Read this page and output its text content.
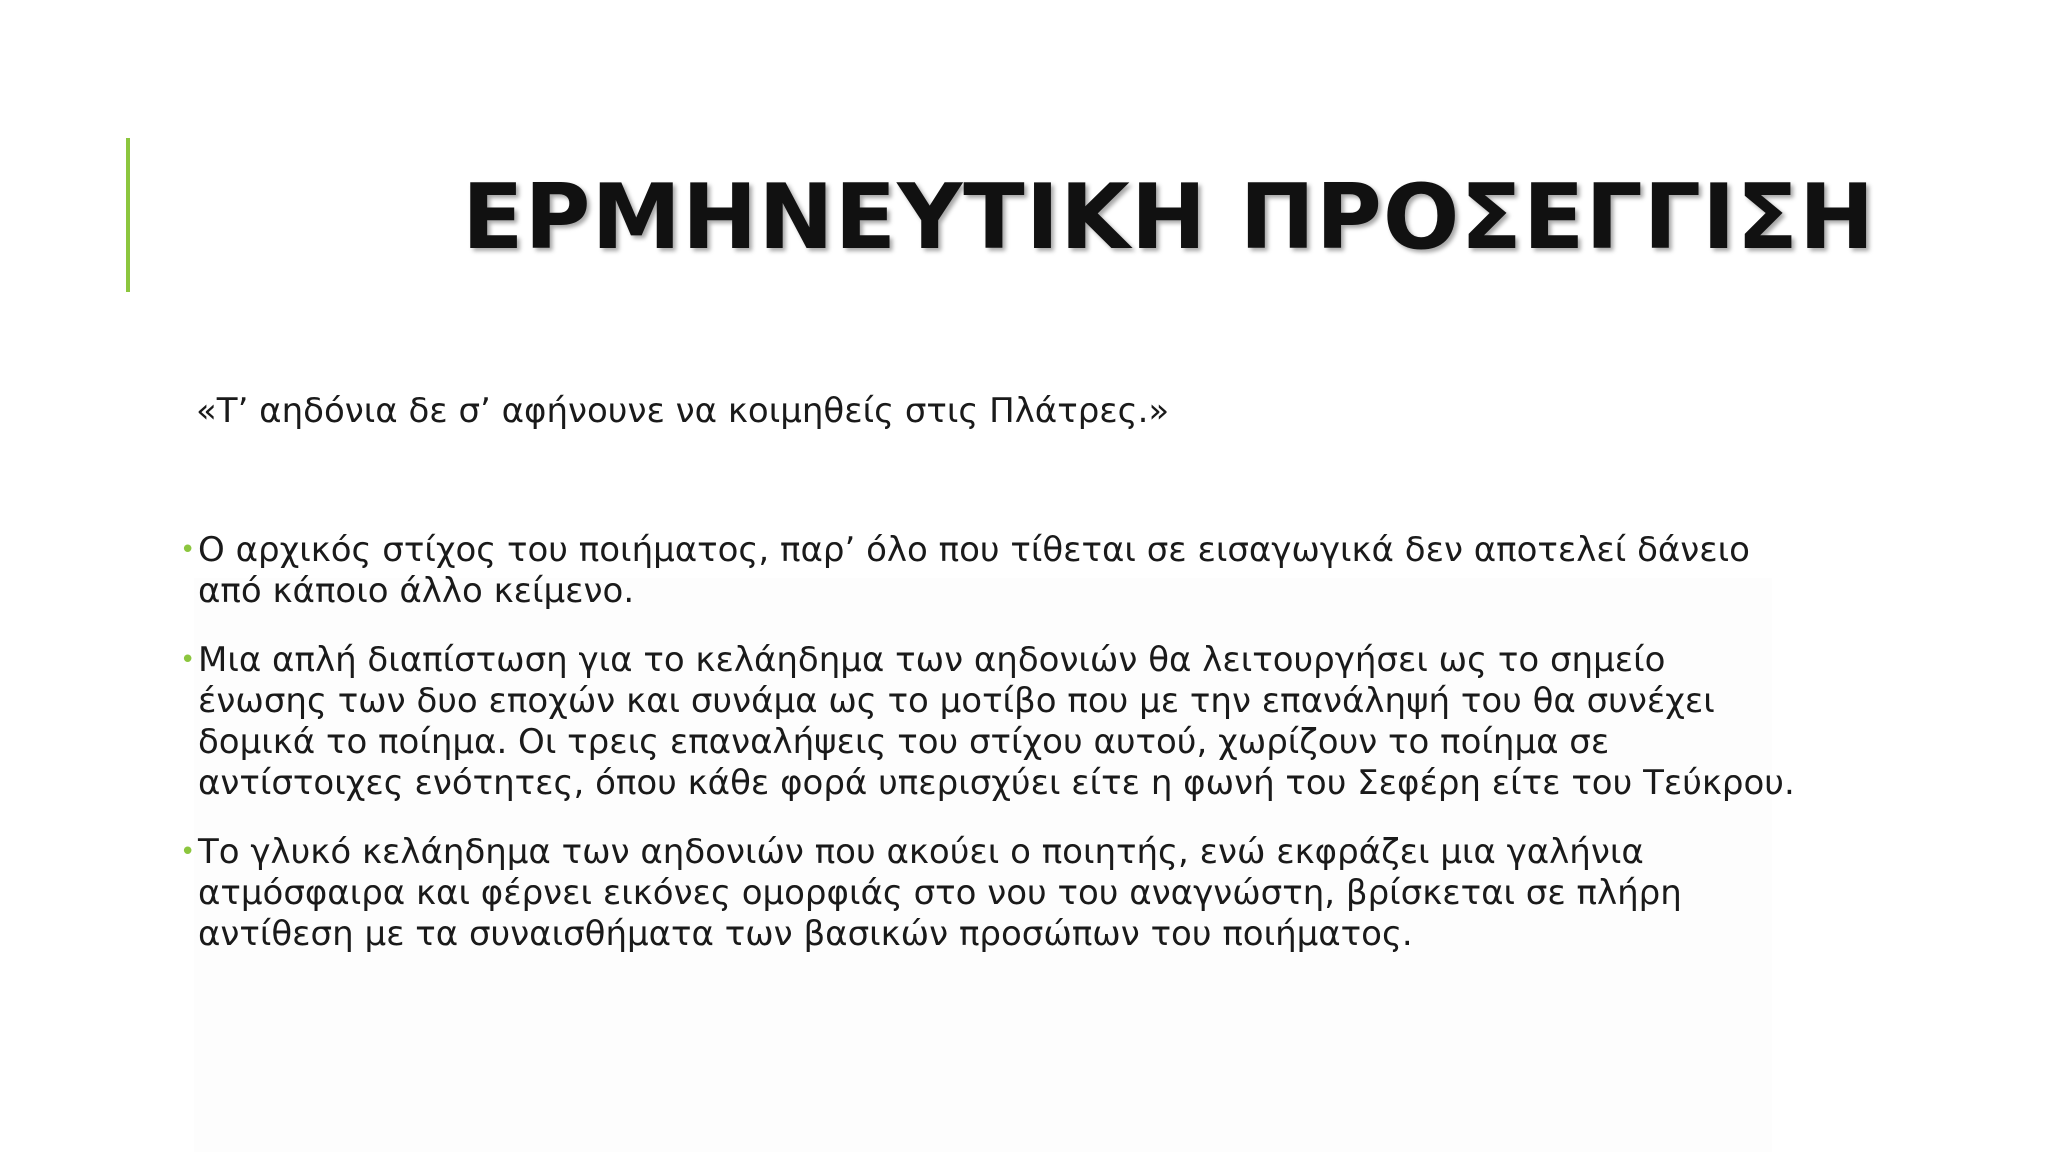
ΕΡΜΗΝΕΥΤΙΚΗ ΠΡΟΣΕΓΓΙΣΗ
«Τ’ αηδόνια δε σ’ αφήνουνε να κοιμηθείς στις Πλάτρες.»
• Ο αρχικός στίχος του ποιήματος, παρ’ όλο που τίθεται σε εισαγωγικά δεν αποτελεί δάνειο από κάποιο άλλο κείμενο.
• Μια απλή διαπίστωση για το κελάηδημα των αηδονιών θα λειτουργήσει ως το σημείο ένωσης των δυο εποχών και συνάμα ως το μοτίβο που με την επανάληψή του θα συνέχει δομικά το ποίημα. Οι τρεις επαναλήψεις του στίχου αυτού, χωρίζουν το ποίημα σε αντίστοιχες ενότητες, όπου κάθε φορά υπερισχύει είτε η φωνή του Σεφέρη είτε του Τεύκρου.
• Το γλυκό κελάηδημα των αηδονιών που ακούει ο ποιητής, ενώ εκφράζει μια γαλήνια ατμόσφαιρα και φέρνει εικόνες ομορφιάς στο νου του αναγνώστη, βρίσκεται σε πλήρη αντίθεση με τα συναισθήματα των βασικών προσώπων του ποιήματος.
